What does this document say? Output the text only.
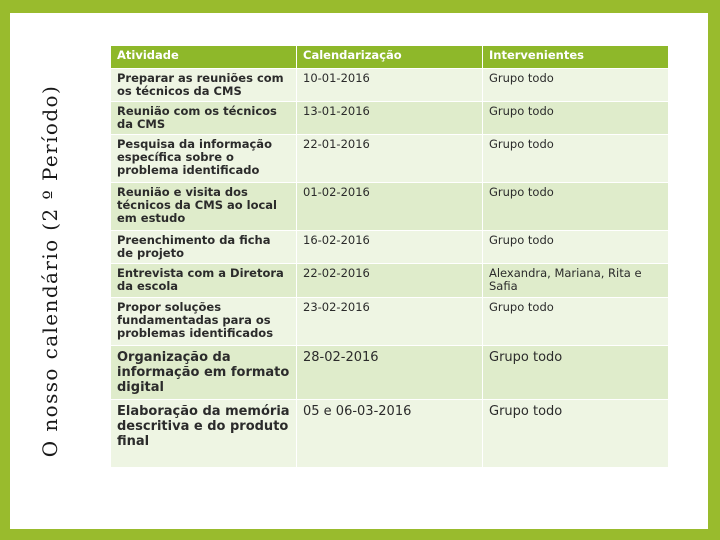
O nosso calendário (2 º Período)
Atividade	Calendarização	Intervenientes
Preparar as reuniões com os técnicos da CMS	10-01-2016	Grupo todo
Reunião com os técnicos da CMS	13-01-2016	Grupo todo
Pesquisa da informação específica sobre o problema identificado	22-01-2016	Grupo todo
Reunião e visita dos técnicos da CMS ao local em estudo	01-02-2016	Grupo todo
Preenchimento da ficha de projeto	16-02-2016	Grupo todo
Entrevista com a Diretora da escola	22-02-2016	Alexandra, Mariana, Rita e Safia
Propor soluções fundamentadas para os problemas identificados	23-02-2016	Grupo todo
Organização da informação em formato digital	28-02-2016	Grupo todo
Elaboração da memória descritiva e do produto final	05 e 06-03-2016	Grupo todo
